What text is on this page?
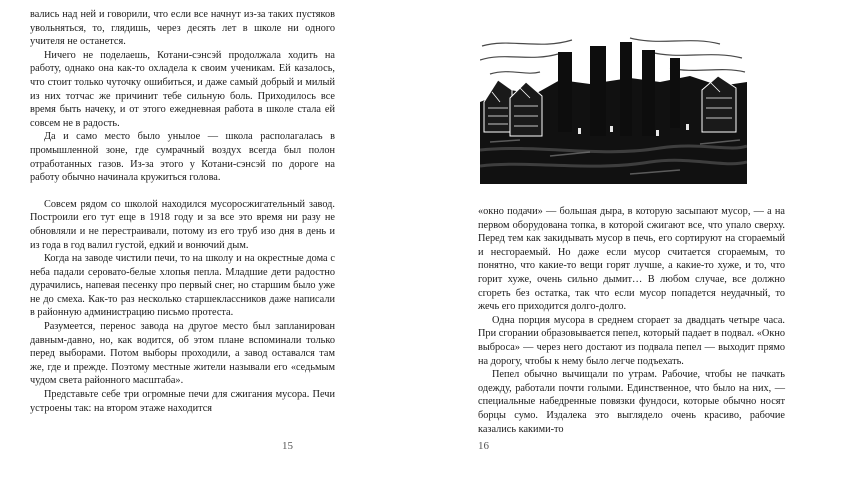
вались над ней и говорили, что если все начнут из-за таких пустяков увольняться, то, глядишь, через десять лет в школе ни одного учителя не останется.

Ничего не поделаешь, Котани-сэнсэй продолжала ходить на работу, однако она как-то охладела к своим ученикам. Ей казалось, что стоит только чуточку ошибиться, и даже самый добрый и милый из них тотчас же причинит тебе сильную боль. Приходилось все время быть начеку, и от этого ежедневная работа в школе стала ей совсем не в радость.

Да и само место было унылое — школа располагалась в промышленной зоне, где сумрачный воздух всегда был полон отработанных газов. Из-за этого у Котани-сэнсэй по дороге на работу обычно начинала кружиться голова.

Совсем рядом со школой находился мусоросжигательный завод. Построили его тут еще в 1918 году и за все это время ни разу не обновляли и не перестраивали, потому из его труб изо дня в день и из года в год валил густой, едкий и вонючий дым.

Когда на заводе чистили печи, то на школу и на окрестные дома с неба падали серовато-белые хлопья пепла. Младшие дети радостно дурачились, напевая песенку про первый снег, но старшим было уже не до смеха. Как-то раз несколько старшеклассников даже написали в районную администрацию письмо протеста.

Разумеется, перенос завода на другое место был запланирован давным-давно, но, как водится, об этом плане вспоминали только перед выборами. Потом выборы проходили, а завод оставался там же, где и прежде. Поэтому местные жители называли его «седьмым чудом света районного масштаба».

Представьте себе три огромные печи для сжигания мусора. Печи устроены так: на втором этаже находится

15

«окно подачи» — большая дыра, в которую засыпают мусор, — а на первом оборудована топка, в которой сжигают все, что упало сверху. Перед тем как закидывать мусор в печь, его сортируют на сгораемый и несгораемый. Но даже если мусор считается сгораемым, то понятно, что какие-то вещи горят лучше, а какие-то хуже, и то, что горит хуже, очень сильно дымит… В любом случае, все должно сгореть без остатка, так что если мусор попадется неудачный, то жечь его приходится долго-долго.

Одна порция мусора в среднем сгорает за двадцать четыре часа. При сгорании образовывается пепел, который падает в подвал. «Окно выброса» — через него достают из подвала пепел — выходит прямо на дорогу, чтобы к нему было легче подъехать.

Пепел обычно вычищали по утрам. Рабочие, чтобы не пачкать одежду, работали почти голыми. Единственное, что было на них, — специальные набедренные повязки фундоси, которые обычно носят борцы сумо. Издалека это выглядело очень красиво, рабочие казались какими-то

16
